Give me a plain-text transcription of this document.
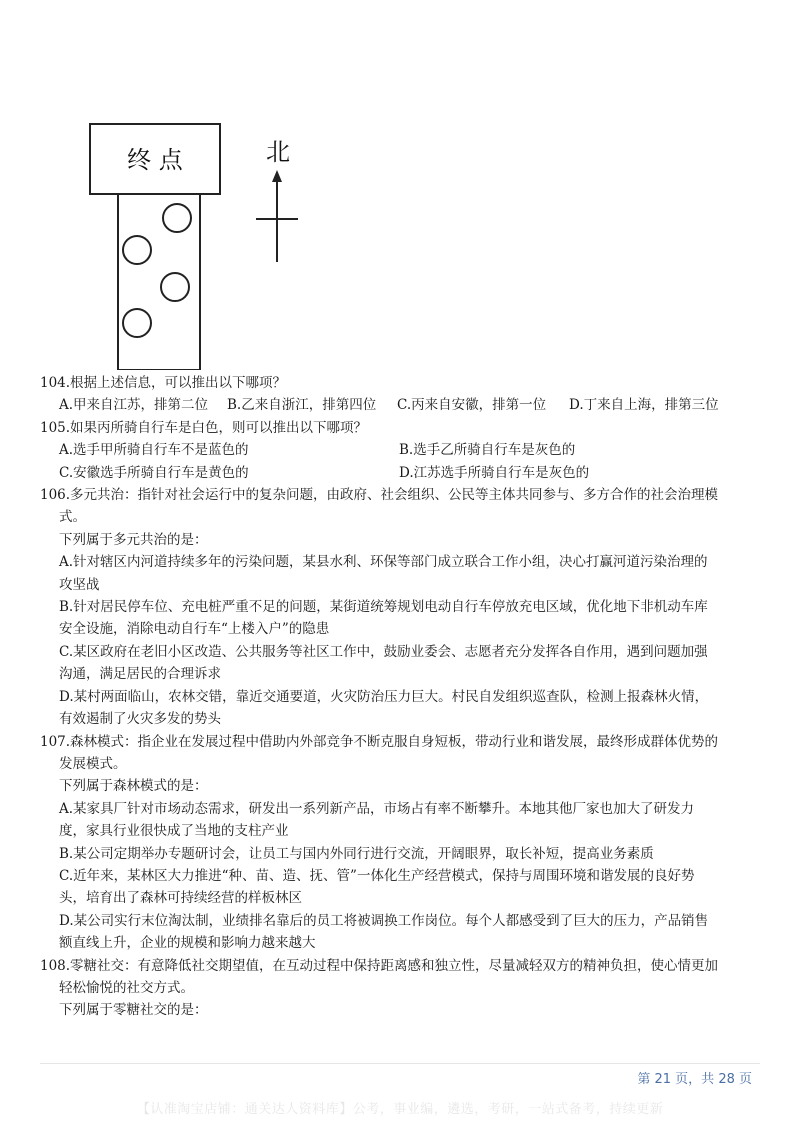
终 点	北
104.根据上述信息，可以推出以下哪项？
A.甲来自江苏，排第二位	B.乙来自浙江，排第四位	C.丙来自安徽，排第一位	D.丁来自上海，排第三位
105.如果丙所骑自行车是白色，则可以推出以下哪项？
A.选手甲所骑自行车不是蓝色的	B.选手乙所骑自行车是灰色的
C.安徽选手所骑自行车是黄色的	D.江苏选手所骑自行车是灰色的
106.多元共治：指针对社会运行中的复杂问题，由政府、社会组织、公民等主体共同参与、多方合作的社会治理模
式。
下列属于多元共治的是：
A.针对辖区内河道持续多年的污染问题，某县水利、环保等部门成立联合工作小组，决心打赢河道污染治理的
攻坚战
B.针对居民停车位、充电桩严重不足的问题，某街道统筹规划电动自行车停放充电区域，优化地下非机动车库
安全设施，消除电动自行车“上楼入户”的隐患
C.某区政府在老旧小区改造、公共服务等社区工作中，鼓励业委会、志愿者充分发挥各自作用，遇到问题加强
沟通，满足居民的合理诉求
D.某村两面临山，农林交错，靠近交通要道，火灾防治压力巨大。村民自发组织巡查队，检测上报森林火情，
有效遏制了火灾多发的势头
107.森林模式：指企业在发展过程中借助内外部竞争不断克服自身短板，带动行业和谐发展，最终形成群体优势的
发展模式。
下列属于森林模式的是：
A.某家具厂针对市场动态需求，研发出一系列新产品，市场占有率不断攀升。本地其他厂家也加大了研发力
度，家具行业很快成了当地的支柱产业
B.某公司定期举办专题研讨会，让员工与国内外同行进行交流，开阔眼界，取长补短，提高业务素质
C.近年来，某林区大力推进“种、苗、造、抚、管”一体化生产经营模式，保持与周围环境和谐发展的良好势
头，培育出了森林可持续经营的样板林区
D.某公司实行末位淘汰制，业绩排名靠后的员工将被调换工作岗位。每个人都感受到了巨大的压力，产品销售
额直线上升，企业的规模和影响力越来越大
108.零糖社交：有意降低社交期望值，在互动过程中保持距离感和独立性，尽量减轻双方的精神负担，使心情更加
轻松愉悦的社交方式。
下列属于零糖社交的是：
第 21 页，共 28 页
【认准淘宝店铺：通关达人资料库】公考，事业编，遴选，考研，一站式备考，持续更新
